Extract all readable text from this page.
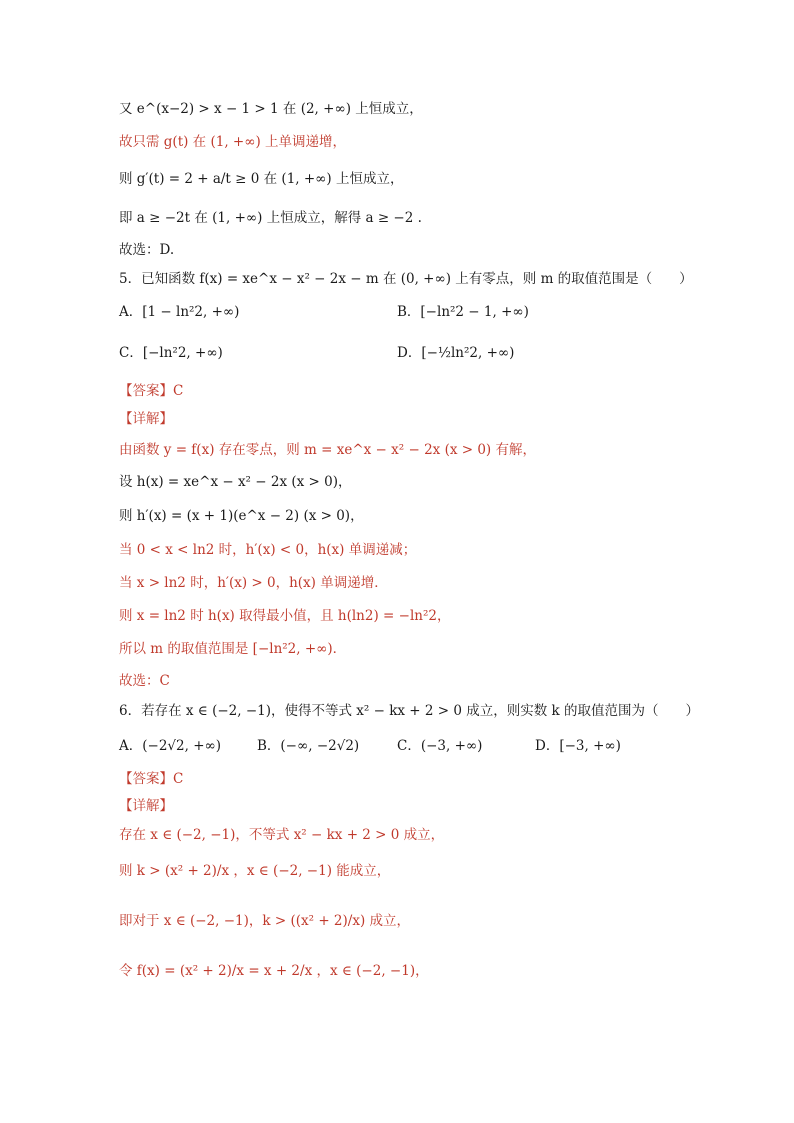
又 e^(x−2) > x − 1 > 1 在 (2, +∞) 上恒成立，
故只需 g(t) 在 (1, +∞) 上单调递增，
则 g′(t) = 2 + a/t ≥ 0 在 (1, +∞) 上恒成立，
即 a ≥ −2t 在 (1, +∞) 上恒成立，解得 a ≥ −2 .
故选：D.
5．已知函数 f(x) = xe^x − x² − 2x − m 在 (0, +∞) 上有零点，则 m 的取值范围是（　　）
A．[1 − ln²2, +∞)	B．[−ln²2 − 1, +∞)
C．[−ln²2, +∞)	D．[−½ln²2, +∞)
【答案】C
【详解】
由函数 y = f(x) 存在零点，则 m = xe^x − x² − 2x (x > 0) 有解，
设 h(x) = xe^x − x² − 2x (x > 0)，
则 h′(x) = (x + 1)(e^x − 2) (x > 0)，
当 0 < x < ln2 时，h′(x) < 0，h(x) 单调递减；
当 x > ln2 时，h′(x) > 0，h(x) 单调递增．
则 x = ln2 时 h(x) 取得最小值，且 h(ln2) = −ln²2，
所以 m 的取值范围是 [−ln²2, +∞)．
故选：C
6．若存在 x ∈ (−2, −1)，使得不等式 x² − kx + 2 > 0 成立，则实数 k 的取值范围为（　　）
A．(−2√2, +∞)	B．(−∞, −2√2)	C．(−3, +∞)	D．[−3, +∞)
【答案】C
【详解】
存在 x ∈ (−2, −1)，不等式 x² − kx + 2 > 0 成立，
则 k > (x² + 2)/x ，x ∈ (−2, −1) 能成立，
即对于 x ∈ (−2, −1)，k > ((x² + 2)/x) 成立，
令 f(x) = (x² + 2)/x = x + 2/x ，x ∈ (−2, −1)，
